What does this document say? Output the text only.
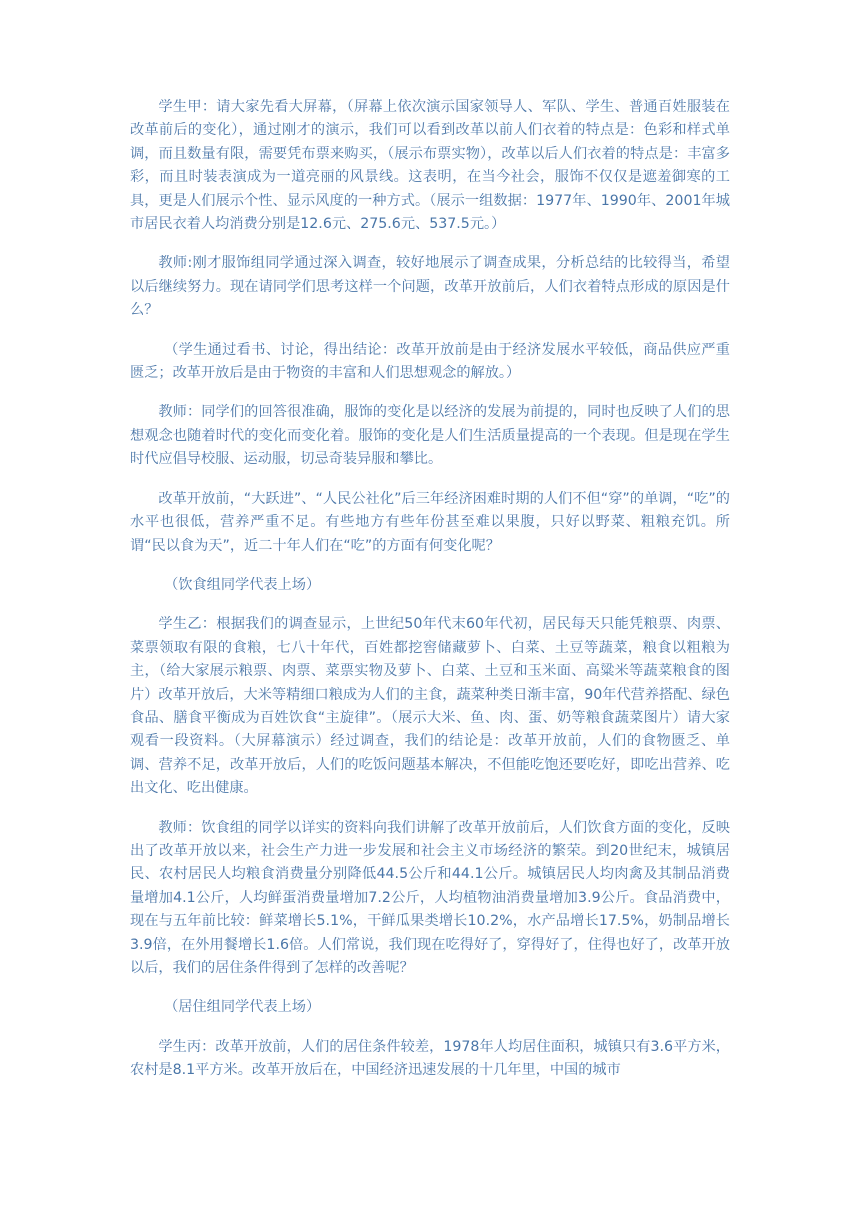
学生甲：请大家先看大屏幕，（屏幕上依次演示国家领导人、军队、学生、普通百姓服装在改革前后的变化），通过刚才的演示，我们可以看到改革以前人们衣着的特点是：色彩和样式单调，而且数量有限，需要凭布票来购买，（展示布票实物），改革以后人们衣着的特点是：丰富多彩，而且时装表演成为一道亮丽的风景线。这表明，在当今社会，服饰不仅仅是遮羞御寒的工具，更是人们展示个性、显示风度的一种方式。（展示一组数据：1977年、1990年、2001年城市居民衣着人均消费分别是12.6元、275.6元、537.5元。）

教师:刚才服饰组同学通过深入调查，较好地展示了调查成果，分析总结的比较得当，希望以后继续努力。现在请同学们思考这样一个问题，改革开放前后，人们衣着特点形成的原因是什么？

（学生通过看书、讨论，得出结论：改革开放前是由于经济发展水平较低，商品供应严重匮乏；改革开放后是由于物资的丰富和人们思想观念的解放。）

教师：同学们的回答很准确，服饰的变化是以经济的发展为前提的，同时也反映了人们的思想观念也随着时代的变化而变化着。服饰的变化是人们生活质量提高的一个表现。但是现在学生时代应倡导校服、运动服，切忌奇装异服和攀比。

改革开放前，“大跃进”、“人民公社化”后三年经济困难时期的人们不但“穿”的单调，“吃”的水平也很低，营养严重不足。有些地方有些年份甚至难以果腹，只好以野菜、粗粮充饥。所谓“民以食为天”，近二十年人们在“吃”的方面有何变化呢？

（饮食组同学代表上场）

学生乙：根据我们的调查显示，上世纪50年代末60年代初，居民每天只能凭粮票、肉票、菜票领取有限的食粮，七八十年代，百姓都挖窖储藏萝卜、白菜、土豆等蔬菜，粮食以粗粮为主，（给大家展示粮票、肉票、菜票实物及萝卜、白菜、土豆和玉米面、高粱米等蔬菜粮食的图片）改革开放后，大米等精细口粮成为人们的主食，蔬菜种类日渐丰富，90年代营养搭配、绿色食品、膳食平衡成为百姓饮食“主旋律”。（展示大米、鱼、肉、蛋、奶等粮食蔬菜图片）请大家观看一段资料。（大屏幕演示）经过调查，我们的结论是：改革开放前，人们的食物匮乏、单调、营养不足，改革开放后，人们的吃饭问题基本解决，不但能吃饱还要吃好，即吃出营养、吃出文化、吃出健康。

教师：饮食组的同学以详实的资料向我们讲解了改革开放前后，人们饮食方面的变化，反映出了改革开放以来，社会生产力进一步发展和社会主义市场经济的繁荣。到20世纪末，城镇居民、农村居民人均粮食消费量分别降低44.5公斤和44.1公斤。城镇居民人均肉禽及其制品消费量增加4.1公斤，人均鲜蛋消费量增加7.2公斤，人均植物油消费量增加3.9公斤。食品消费中，现在与五年前比较：鲜菜增长5.1%，干鲜瓜果类增长10.2%，水产品增长17.5%，奶制品增长3.9倍，在外用餐增长1.6倍。人们常说，我们现在吃得好了，穿得好了，住得也好了，改革开放以后，我们的居住条件得到了怎样的改善呢？

（居住组同学代表上场）

学生丙：改革开放前，人们的居住条件较差，1978年人均居住面积，城镇只有3.6平方米，农村是8.1平方米。改革开放后在，中国经济迅速发展的十几年里，中国的城市
